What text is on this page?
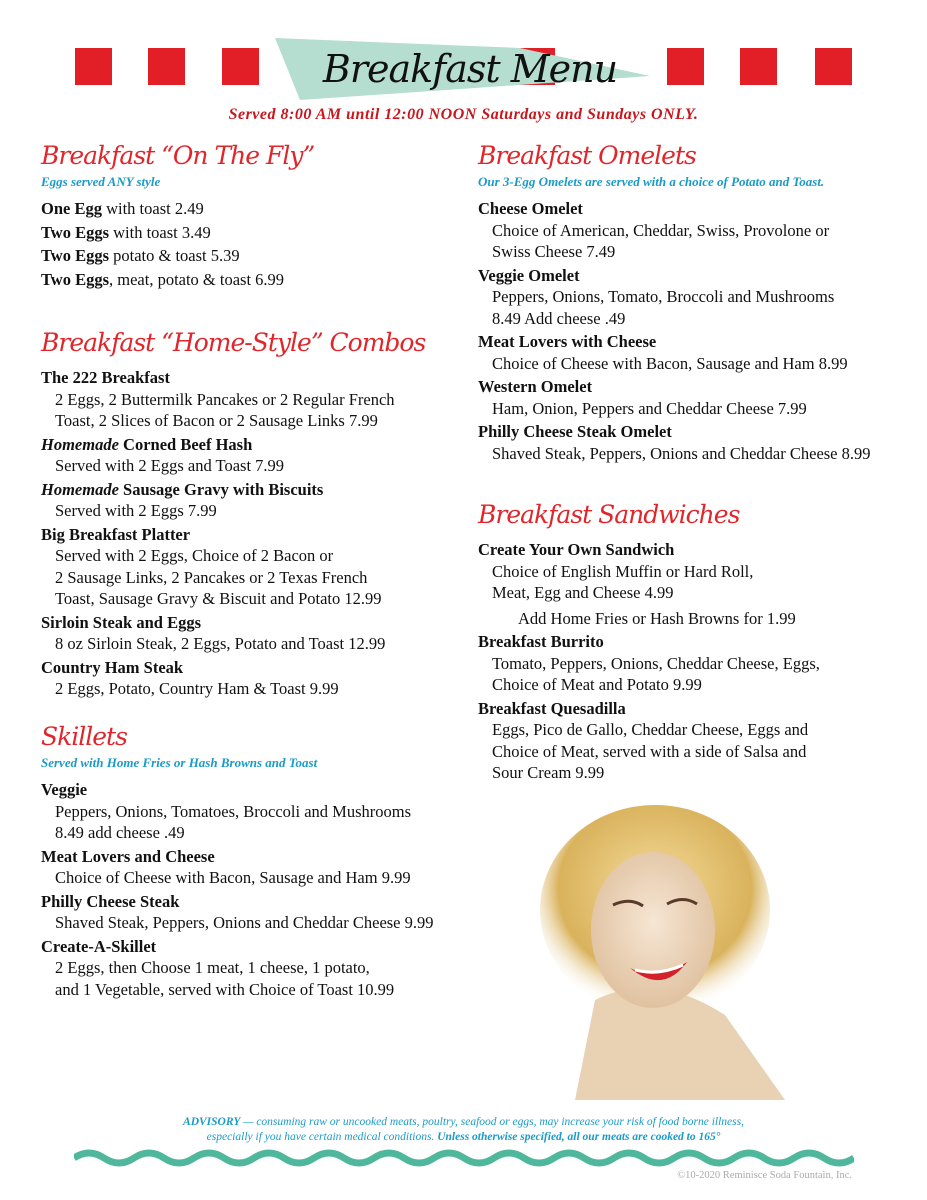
Breakfast Menu
Served 8:00 AM until 12:00 NOON Saturdays and Sundays ONLY.
Breakfast “On The Fly”
Eggs served ANY style
One Egg with toast 2.49
Two Eggs with toast 3.49
Two Eggs potato & toast 5.39
Two Eggs, meat, potato & toast 6.99
Breakfast “Home-Style” Combos
The 222 Breakfast
2 Eggs, 2 Buttermilk Pancakes or 2 Regular French
Toast, 2 Slices of Bacon or 2 Sausage Links 7.99
Homemade Corned Beef Hash
Served with 2 Eggs and Toast 7.99
Homemade Sausage Gravy with Biscuits
Served with 2 Eggs 7.99
Big Breakfast Platter
Served with 2 Eggs, Choice of 2 Bacon or
2 Sausage Links, 2 Pancakes or 2 Texas French
Toast, Sausage Gravy & Biscuit and Potato 12.99
Sirloin Steak and Eggs
8 oz Sirloin Steak, 2 Eggs, Potato and Toast 12.99
Country Ham Steak
2 Eggs, Potato, Country Ham & Toast 9.99
Skillets
Served with Home Fries or Hash Browns and Toast
Veggie
Peppers, Onions, Tomatoes, Broccoli and Mushrooms
8.49 add cheese .49
Meat Lovers and Cheese
Choice of Cheese with Bacon, Sausage and Ham 9.99
Philly Cheese Steak
Shaved Steak, Peppers, Onions and Cheddar Cheese 9.99
Create-A-Skillet
2 Eggs, then Choose 1 meat, 1 cheese, 1 potato,
and 1 Vegetable, served with Choice of Toast 10.99
Breakfast Omelets
Our 3-Egg Omelets are served with a choice of Potato and Toast.
Cheese Omelet
Choice of American, Cheddar, Swiss, Provolone or
Swiss Cheese 7.49
Veggie Omelet
Peppers, Onions, Tomato, Broccoli and Mushrooms
8.49 Add cheese .49
Meat Lovers with Cheese
Choice of Cheese with Bacon, Sausage and Ham 8.99
Western Omelet
Ham, Onion, Peppers and Cheddar Cheese 7.99
Philly Cheese Steak Omelet
Shaved Steak, Peppers, Onions and Cheddar Cheese 8.99
Breakfast Sandwiches
Create Your Own Sandwich
Choice of English Muffin or Hard Roll,
Meat, Egg and Cheese 4.99
Add Home Fries or Hash Browns for 1.99
Breakfast Burrito
Tomato, Peppers, Onions, Cheddar Cheese, Eggs,
Choice of Meat and Potato 9.99
Breakfast Quesadilla
Eggs, Pico de Gallo, Cheddar Cheese, Eggs and
Choice of Meat, served with a side of Salsa and
Sour Cream 9.99
ADVISORY — consuming raw or uncooked meats, poultry, seafood or eggs, may increase your risk of food borne illness,
especially if you have certain medical conditions. Unless otherwise specified, all our meats are cooked to 165°
©10-2020 Reminisce Soda Fountain, Inc.
